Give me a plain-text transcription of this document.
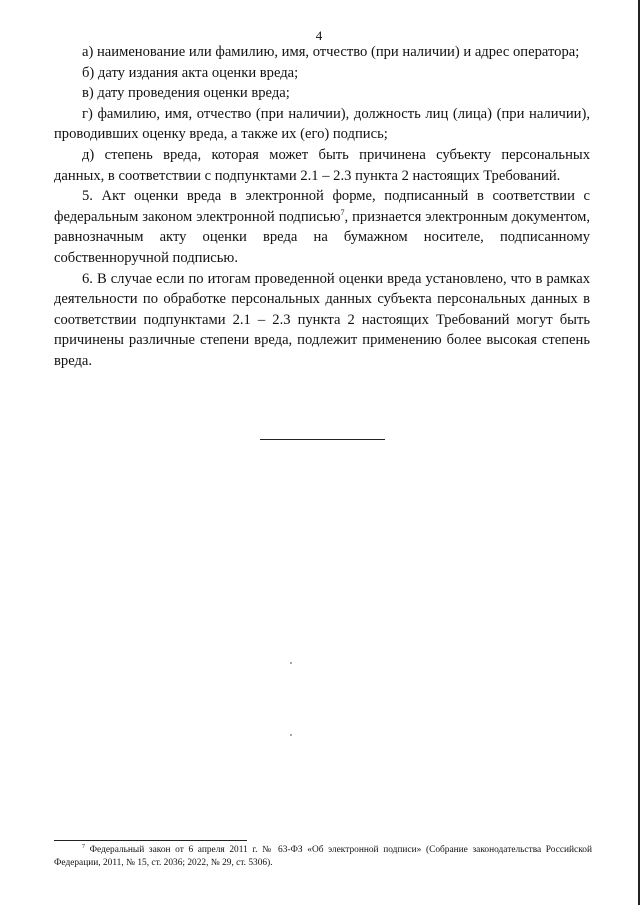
4

а) наименование или фамилию, имя, отчество (при наличии) и адрес оператора;

б) дату издания акта оценки вреда;

в) дату проведения оценки вреда;

г) фамилию, имя, отчество (при наличии), должность лиц (лица) (при наличии), проводивших оценку вреда, а также их (его) подпись;

д) степень вреда, которая может быть причинена субъекту персональных данных, в соответствии с подпунктами 2.1 – 2.3 пункта 2 настоящих Требований.

5. Акт оценки вреда в электронной форме, подписанный в соответствии с федеральным законом электронной подписью$^7$, признается электронным документом, равнозначным акту оценки вреда на бумажном носителе, подписанному собственноручной подписью.

6. В случае если по итогам проведенной оценки вреда установлено, что в рамках деятельности по обработке персональных данных субъекта персональных данных в соответствии подпунктами 2.1 – 2.3 пункта 2 настоящих Требований могут быть причинены различные степени вреда, подлежит применению более высокая степень вреда.

$^7$ Федеральный закон от 6 апреля 2011 г. № 63-ФЗ «Об электронной подписи» (Собрание законодательства Российской Федерации, 2011, № 15, ст. 2036; 2022, № 29, ст. 5306).
